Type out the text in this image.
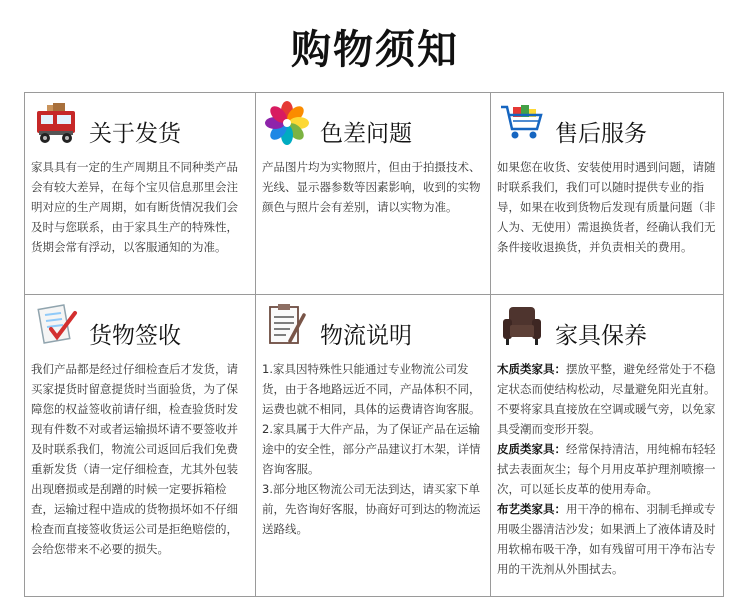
购物须知
关于发货

家具具有一定的生产周期且不同种类产品会有较大差异，在每个宝贝信息那里会注明对应的生产周期，如有断货情况我们会及时与您联系，由于家具生产的特殊性，货期会常有浮动，以客服通知的为准。

色差问题

产品图片均为实物照片，但由于拍摄技术、光线、显示器参数等因素影响，收到的实物颜色与照片会有差别，请以实物为准。

售后服务

如果您在收货、安装使用时遇到问题，请随时联系我们，我们可以随时提供专业的指导，如果在收到货物后发现有质量问题（非人为、无使用）需退换货者，经确认我们无条件接收退换货，并负责相关的费用。

货物签收

我们产品都是经过仔细检查后才发货，请买家提货时留意提货时当面验货，为了保障您的权益签收前请仔细，检查验货时发现有件数不对或者运输损坏请不要签收并及时联系我们，物流公司返回后我们免费重新发货（请一定仔细检查，尤其外包装出现磨损或是刮蹭的时候一定要拆箱检查，运输过程中造成的货物损坏如不仔细检查而直接签收货运公司是拒绝赔偿的，会给您带来不必要的损失。

物流说明

1.家具因特殊性只能通过专业物流公司发货，由于各地路远近不同，产品体积不同，运费也就不相同，具体的运费请咨询客服。

2.家具属于大件产品，为了保证产品在运输途中的安全性，部分产品建议打木架，详情咨询客服。

3.部分地区物流公司无法到达，请买家下单前，先咨询好客服，协商好可到达的物流运送路线。

家具保养

木质类家具：摆放平整，避免经常处于不稳定状态而使结构松动，尽量避免阳光直射。不要将家具直接放在空调或暖气旁，以免家具受潮而变形开裂。

皮质类家具：经常保持清洁，用纯棉布轻轻拭去表面灰尘；每个月用皮革护理剂喷擦一次，可以延长皮革的使用寿命。

布艺类家具：用干净的棉布、羽制毛掸或专用吸尘器清洁沙发；如果洒上了液体请及时用软棉布吸干净，如有残留可用干净布沾专用的干洗剂从外围拭去。
